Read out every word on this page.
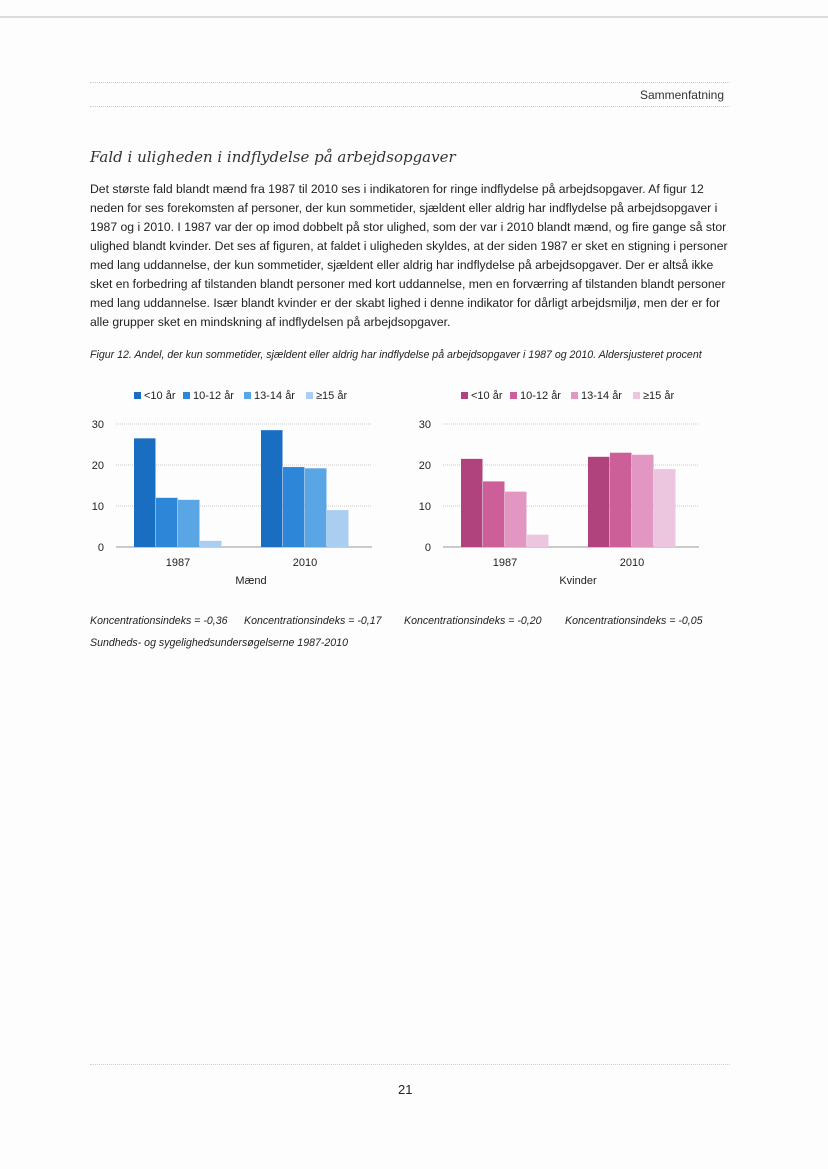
Sammenfatning
Fald i uligheden i indflydelse på arbejdsopgaver
Det største fald blandt mænd fra 1987 til 2010 ses i indikatoren for ringe indflydelse på arbejdsopgaver. Af figur 12 neden for ses forekomsten af personer, der kun sommetider, sjældent eller aldrig har indflydelse på arbejdsopgaver i 1987 og i 2010. I 1987 var der op imod dobbelt på stor ulighed, som der var i 2010 blandt mænd, og fire gange så stor ulighed blandt kvinder. Det ses af figuren, at faldet i uligheden skyldes, at der siden 1987 er sket en stigning i personer med lang uddannelse, der kun sommetider, sjældent eller aldrig har indflydelse på arbejdsopgaver. Der er altså ikke sket en forbedring af tilstanden blandt personer med kort uddannelse, men en forværring af tilstanden blandt personer med lang uddannelse. Især blandt kvinder er der skabt lighed i denne indikator for dårligt arbejdsmiljø, men der er for alle grupper sket en mindskning af indflydelsen på arbejdsopgaver.
Figur 12. Andel, der kun sommetider, sjældent eller aldrig har indflydelse på arbejdsopgaver i 1987 og 2010. Aldersjusteret procent
<10 år 10-12 år 13-14 år ≥15 år
0
10
20
30
1987	2010
Mænd
<10 år 10-12 år 13-14 år ≥15 år
0
10
20
30
1987	2010
Kvinder
Koncentrationsindeks = -0,36 Koncentrationsindeks = -0,17 Koncentrationsindeks = -0,20 Koncentrationsindeks = -0,05
Sundheds- og sygelighedsundersøgelserne 1987-2010
21
